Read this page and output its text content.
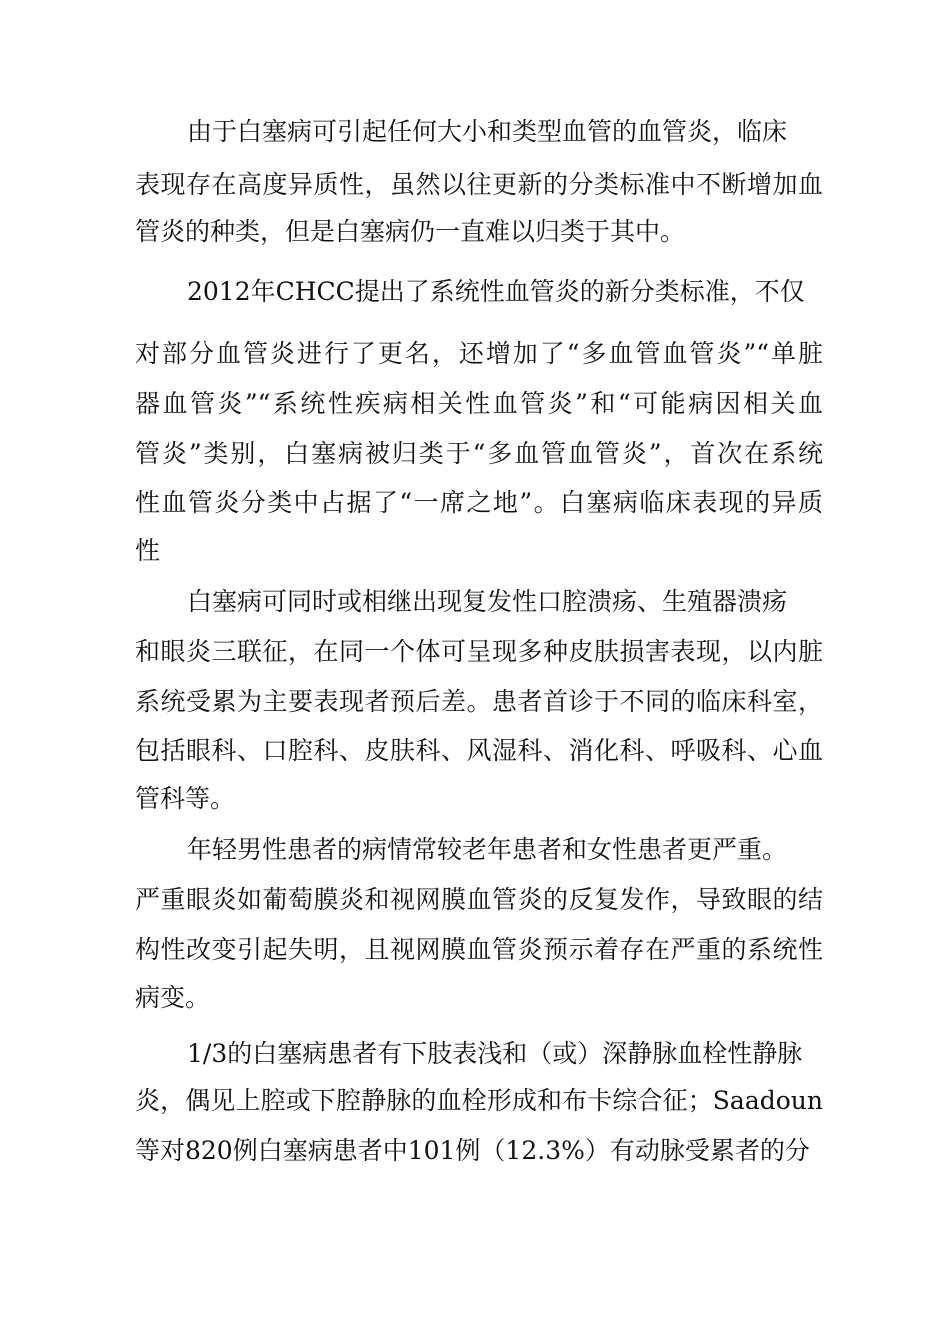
由于白塞病可引起任何大小和类型血管的血管炎，临床
表现存在高度异质性，虽然以往更新的分类标准中不断增加血
管炎的种类，但是白塞病仍一直难以归类于其中。
2012年CHCC提出了系统性血管炎的新分类标准，不仅
对部分血管炎进行了更名，还增加了“多血管血管炎”“单脏
器血管炎”“系统性疾病相关性血管炎”和“可能病因相关血
管炎”类别，白塞病被归类于“多血管血管炎”，首次在系统
性血管炎分类中占据了“一席之地”。白塞病临床表现的异质
性
白塞病可同时或相继出现复发性口腔溃疡、生殖器溃疡
和眼炎三联征，在同一个体可呈现多种皮肤损害表现，以内脏
系统受累为主要表现者预后差。患者首诊于不同的临床科室，
包括眼科、口腔科、皮肤科、风湿科、消化科、呼吸科、心血
管科等。
年轻男性患者的病情常较老年患者和女性患者更严重。
严重眼炎如葡萄膜炎和视网膜血管炎的反复发作，导致眼的结
构性改变引起失明，且视网膜血管炎预示着存在严重的系统性
病变。
1/3的白塞病患者有下肢表浅和（或）深静脉血栓性静脉
炎，偶见上腔或下腔静脉的血栓形成和布卡综合征；Saadoun
等对820例白塞病患者中101例（12.3%）有动脉受累者的分
